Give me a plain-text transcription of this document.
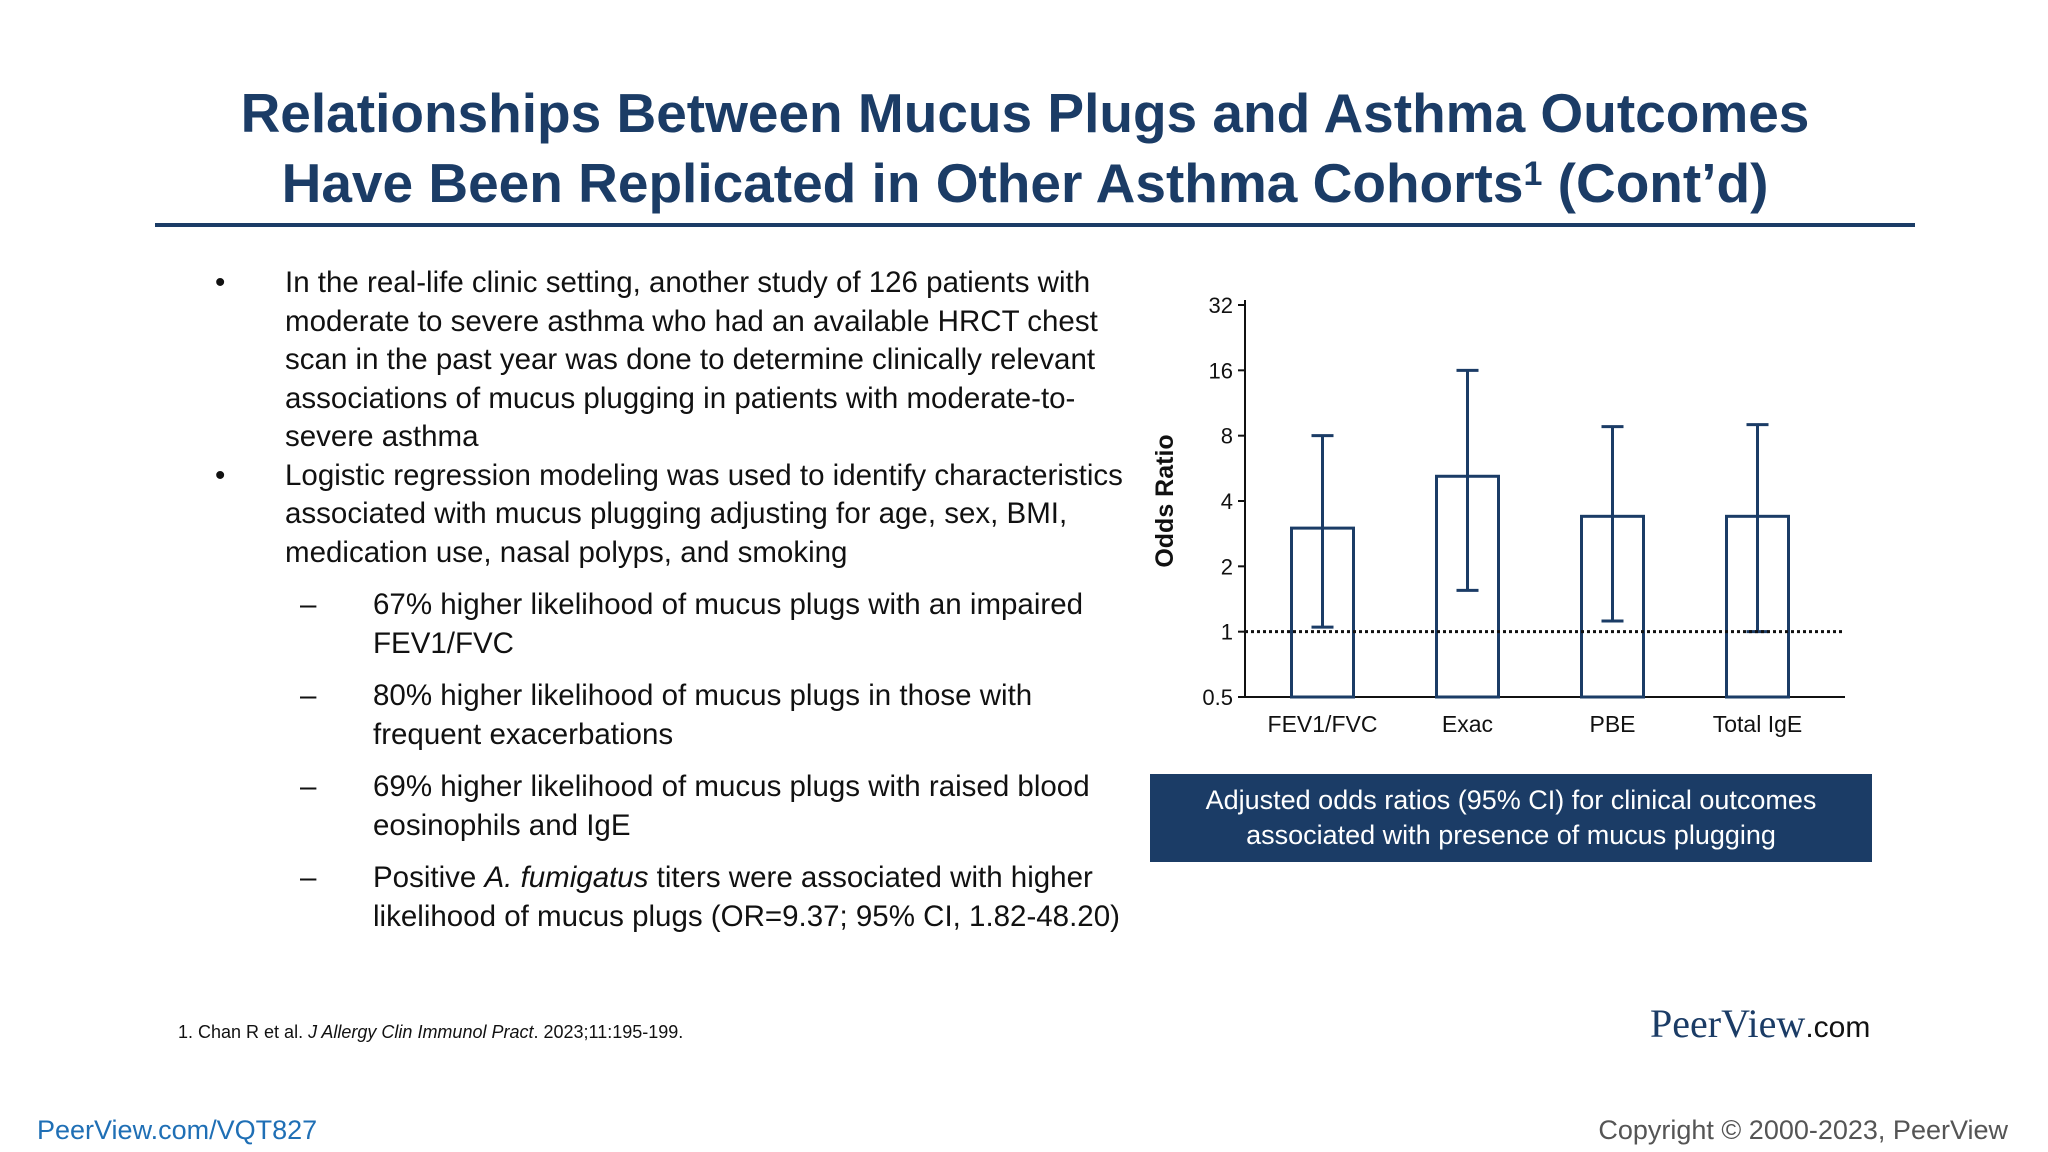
Relationships Between Mucus Plugs and Asthma Outcomes
Have Been Replicated in Other Asthma Cohorts$^1$ (Cont’d)
• In the real-life clinic setting, another study of 126 patients with moderate to severe asthma who had an available HRCT chest scan in the past year was done to determine clinically relevant associations of mucus plugging in patients with moderate-to-severe asthma
• Logistic regression modeling was used to identify characteristics associated with mucus plugging adjusting for age, sex, BMI, medication use, nasal polyps, and smoking
– 67% higher likelihood of mucus plugs with an impaired FEV1/FVC
– 80% higher likelihood of mucus plugs in those with frequent exacerbations
– 69% higher likelihood of mucus plugs with raised blood eosinophils and IgE
– Positive A. fumigatus titers were associated with higher likelihood of mucus plugs (OR=9.37; 95% CI, 1.82-48.20)
0.5
1
2
4
8
16
32
Odds Ratio
FEV1/FVC	Exac	PBE	Total IgE
Adjusted odds ratios (95% CI) for clinical outcomes associated with presence of mucus plugging
1. Chan R et al. J Allergy Clin Immunol Pract. 2023;11:195-199.	PeerView.com
PeerView.com/VQT827	Copyright © 2000-2023, PeerView
